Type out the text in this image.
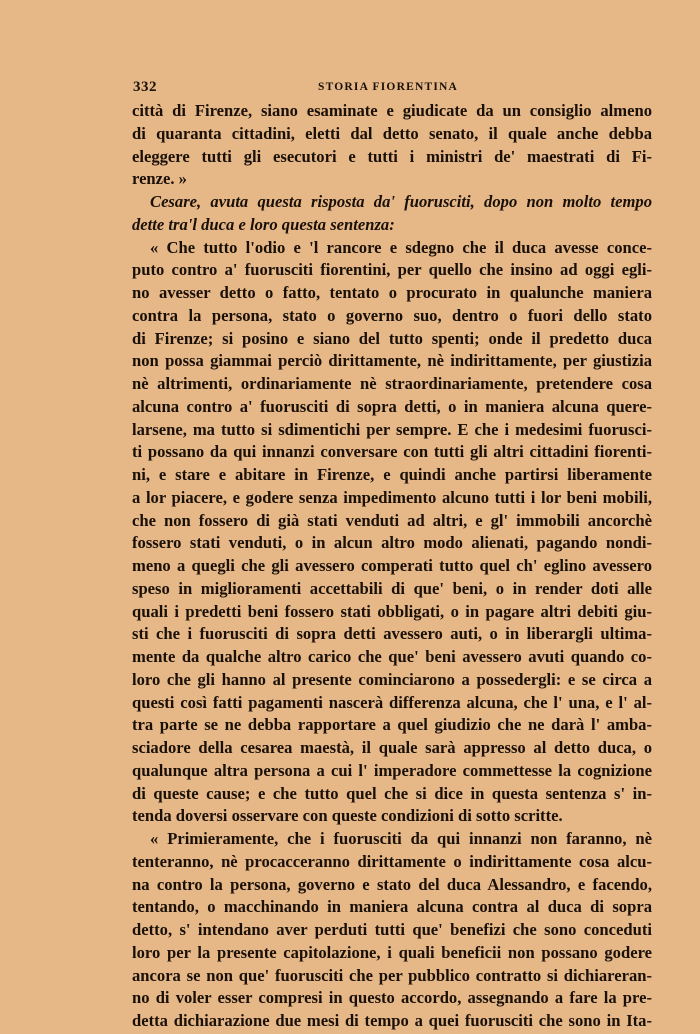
332	STORIA FIORENTINA
città di Firenze, siano esaminate e giudicate da un consiglio almeno
di quaranta cittadini, eletti dal detto senato, il quale anche debba
eleggere tutti gli esecutori e tutti i ministri de' maestrati di Fi-
renze. »
Cesare, avuta questa risposta da' fuorusciti, dopo non molto tempo
dette tra'l duca e loro questa sentenza:
« Che tutto l'odio e 'l rancore e sdegno che il duca avesse conce-
puto contro a' fuorusciti fiorentini, per quello che insino ad oggi egli-
no avesser detto o fatto, tentato o procurato in qualunche maniera
contra la persona, stato o governo suo, dentro o fuori dello stato
di Firenze; si posino e siano del tutto spenti; onde il predetto duca
non possa giammai perciò dirittamente, nè indirittamente, per giustizia
nè altrimenti, ordinariamente nè straordinariamente, pretendere cosa
alcuna contro a' fuorusciti di sopra detti, o in maniera alcuna quere-
larsene, ma tutto si sdimentichi per sempre. E che i medesimi fuorusci-
ti possano da qui innanzi conversare con tutti gli altri cittadini fiorenti-
ni, e stare e abitare in Firenze, e quindi anche partirsi liberamente
a lor piacere, e godere senza impedimento alcuno tutti i lor beni mobili,
che non fossero di già stati venduti ad altri, e gl' immobili ancorchè
fossero stati venduti, o in alcun altro modo alienati, pagando nondi-
meno a quegli che gli avessero comperati tutto quel ch' eglino avessero
speso in miglioramenti accettabili di que' beni, o in render doti alle
quali i predetti beni fossero stati obbligati, o in pagare altri debiti giu-
sti che i fuorusciti di sopra detti avessero auti, o in liberargli ultima-
mente da qualche altro carico che que' beni avessero avuti quando co-
loro che gli hanno al presente cominciarono a possedergli: e se circa a
questi così fatti pagamenti nascerà differenza alcuna, che l' una, e l' al-
tra parte se ne debba rapportare a quel giudizio che ne darà l' amba-
sciadore della cesarea maestà, il quale sarà appresso al detto duca, o
qualunque altra persona a cui l' imperadore commettesse la cognizione
di queste cause; e che tutto quel che si dice in questa sentenza s' in-
tenda doversi osservare con queste condizioni di sotto scritte.
« Primieramente, che i fuorusciti da qui innanzi non faranno, nè
tenteranno, nè procacceranno dirittamente o indirittamente cosa alcu-
na contro la persona, governo e stato del duca Alessandro, e facendo,
tentando, o macchinando in maniera alcuna contra al duca di sopra
detto, s' intendano aver perduti tutti que' benefizi che sono conceduti
loro per la presente capitolazione, i quali beneficii non possano godere
ancora se non que' fuorusciti che per pubblico contratto si dichiareran-
no di voler esser compresi in questo accordo, assegnando a fare la pre-
detta dichiarazione due mesi di tempo a quei fuorusciti che sono in Ita-
